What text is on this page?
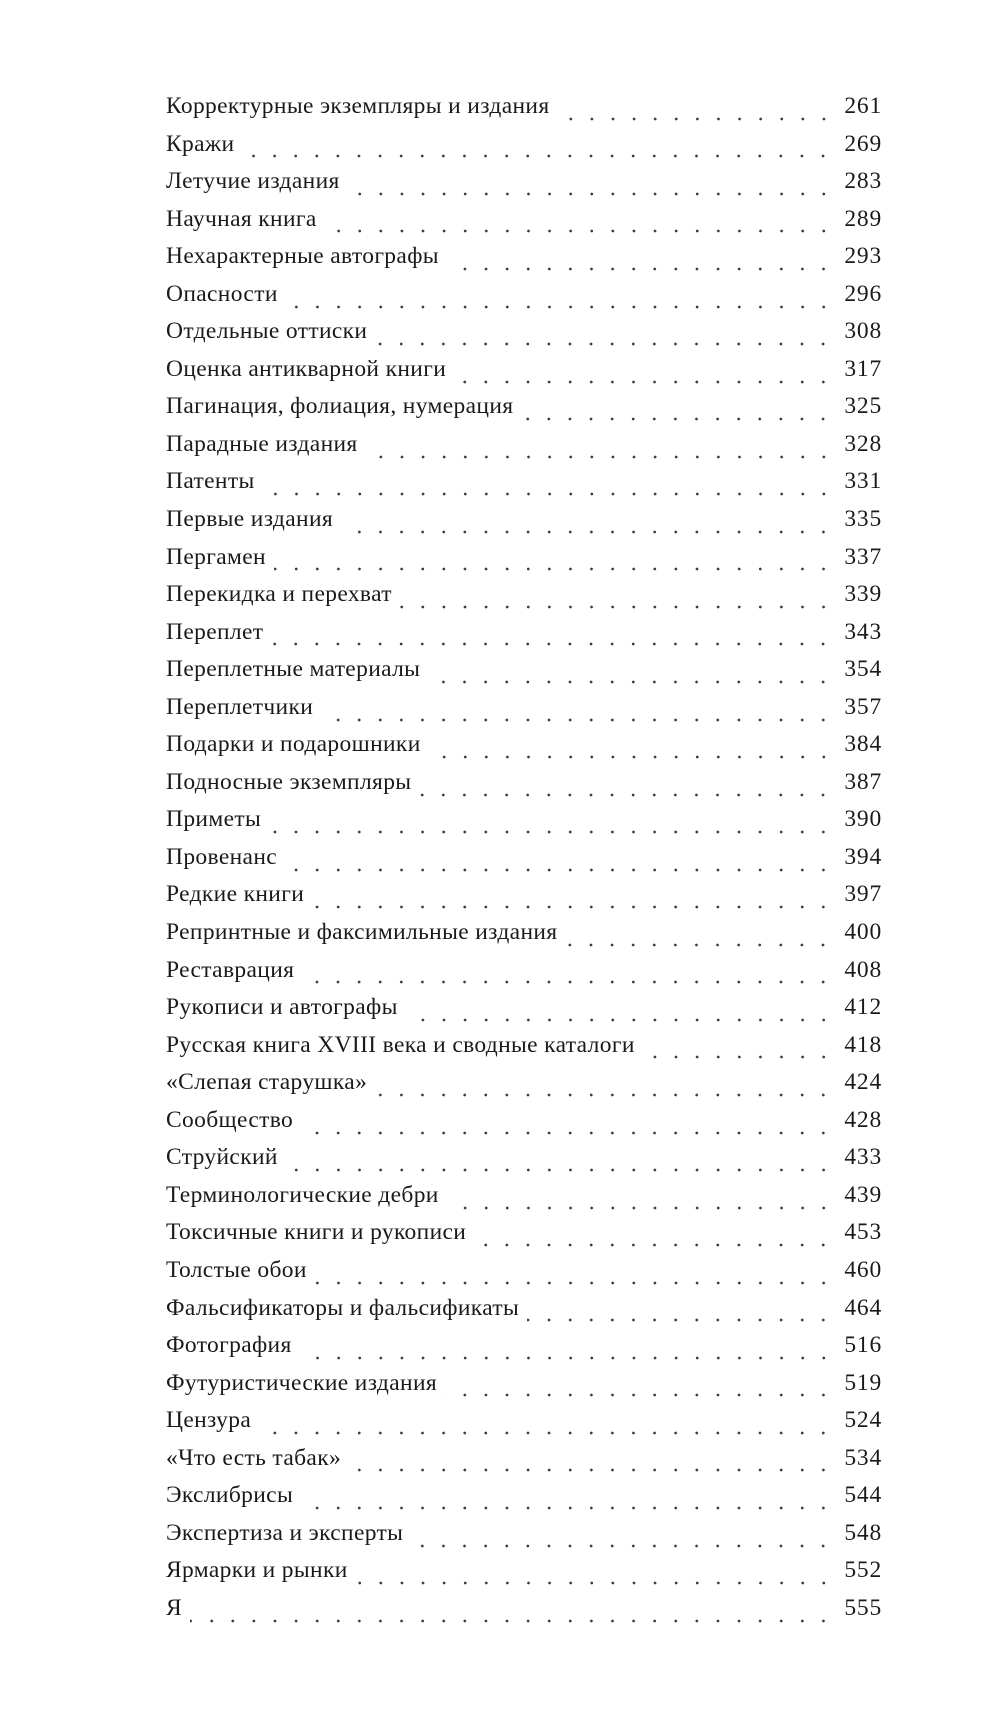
Корректурные экземпляры и издания	261
Кражи	269
Летучие издания	283
Научная книга	289
Нехарактерные автографы	293
Опасности	296
Отдельные оттиски	308
Оценка антикварной книги	317
Пагинация, фолиация, нумерация	325
Парадные издания	328
Патенты	331
Первые издания	335
Пергамен	337
Перекидка и перехват	339
Переплет	343
Переплетные материалы	354
Переплетчики	357
Подарки и подарошники	384
Подносные экземпляры	387
Приметы	390
Провенанс	394
Редкие книги	397
Репринтные и факсимильные издания	400
Реставрация	408
Рукописи и автографы	412
Русская книга XVIII века и сводные каталоги	418
«Слепая старушка»	424
Сообщество	428
Струйский	433
Терминологические дебри	439
Токсичные книги и рукописи	453
Толстые обои	460
Фальсификаторы и фальсификаты	464
Фотография	516
Футуристические издания	519
Цензура	524
«Что есть табак»	534
Экслибрисы	544
Экспертиза и эксперты	548
Ярмарки и рынки	552
Я	555
